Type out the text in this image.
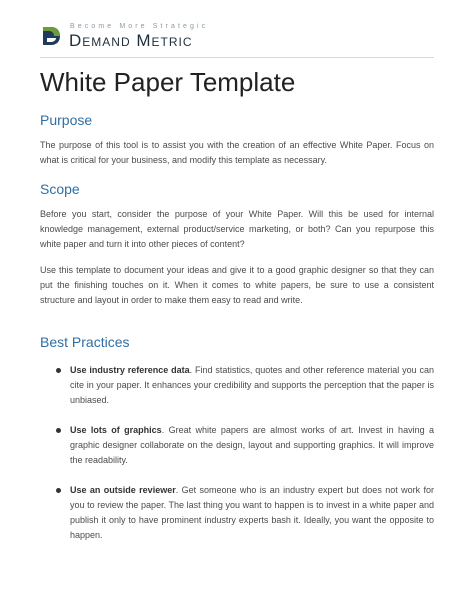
Become More Strategic
Demand Metric
White Paper Template
Purpose

The purpose of this tool is to assist you with the creation of an effective White Paper. Focus on what is critical for your business, and modify this template as necessary.

Scope

Before you start, consider the purpose of your White Paper. Will this be used for internal knowledge management, external product/service marketing, or both? Can you repurpose this white paper and turn it into other pieces of content?

Use this template to document your ideas and give it to a good graphic designer so that they can put the finishing touches on it. When it comes to white papers, be sure to use a consistent structure and layout in order to make them easy to read and write.

Best Practices
Use industry reference data. Find statistics, quotes and other reference material you can cite in your paper. It enhances your credibility and supports the perception that the paper is unbiased.
Use lots of graphics. Great white papers are almost works of art. Invest in having a graphic designer collaborate on the design, layout and supporting graphics. It will improve the readability.
Use an outside reviewer. Get someone who is an industry expert but does not work for you to review the paper. The last thing you want to happen is to invest in a white paper and publish it only to have prominent industry experts bash it. Ideally, you want the opposite to happen.
